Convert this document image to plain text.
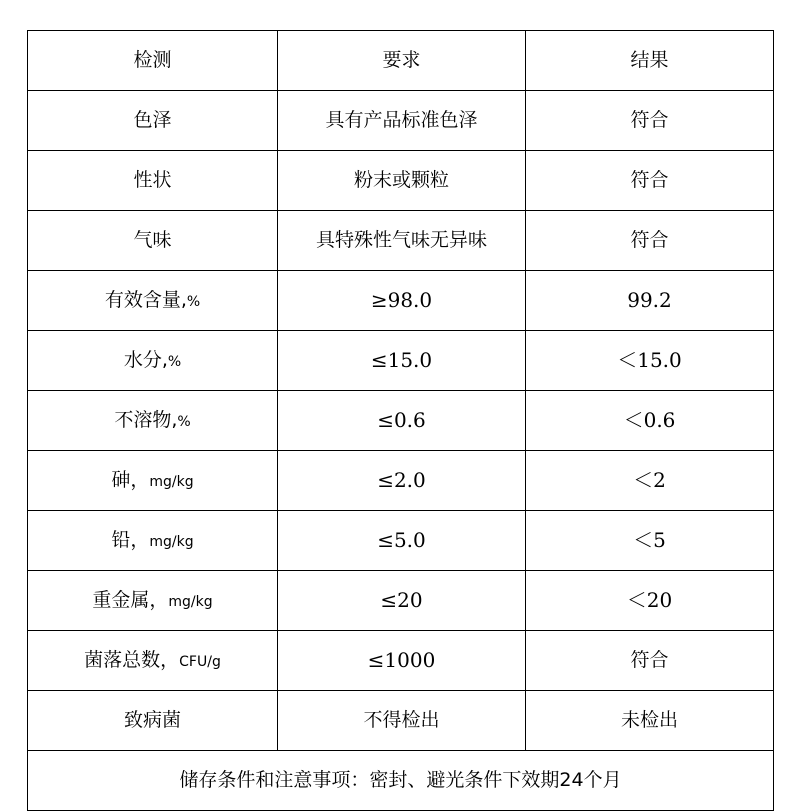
检测	要求	结果
色泽	具有产品标准色泽	符合
性状	粉末或颗粒	符合
气味	具特殊性气味无异味	符合
有效含量,%	≥98.0	99.2
水分,%	≤15.0	＜15.0
不溶物,%	≤0.6	＜0.6
砷，mg/kg	≤2.0	＜2
铅，mg/kg	≤5.0	＜5
重金属，mg/kg	≤20	＜20
菌落总数，CFU/g	≤1000	符合
致病菌	不得检出	未检出
储存条件和注意事项：密封、避光条件下效期24个月		
